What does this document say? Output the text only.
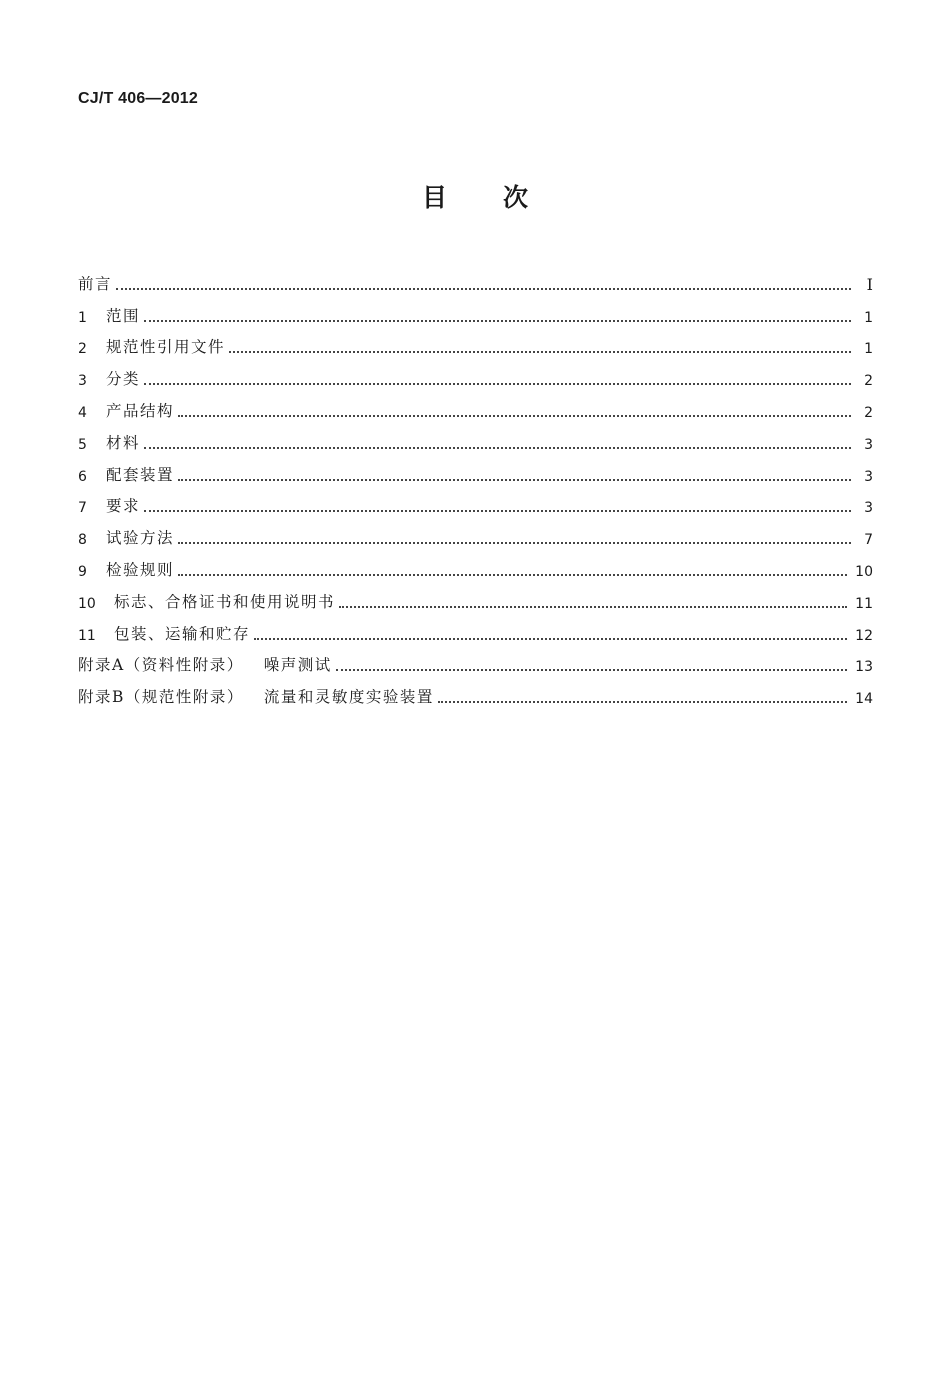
CJ/T 406—2012
目次
前言	I
1	范围	1
2	规范性引用文件	1
3	分类	2
4	产品结构	2
5	材料	3
6	配套装置	3
7	要求	3
8	试验方法	7
9	检验规则	10
10	标志、合格证书和使用说明书	11
11	包装、运输和贮存	12
附录A（资料性附录） 噪声测试	13
附录B（规范性附录） 流量和灵敏度实验装置	14
